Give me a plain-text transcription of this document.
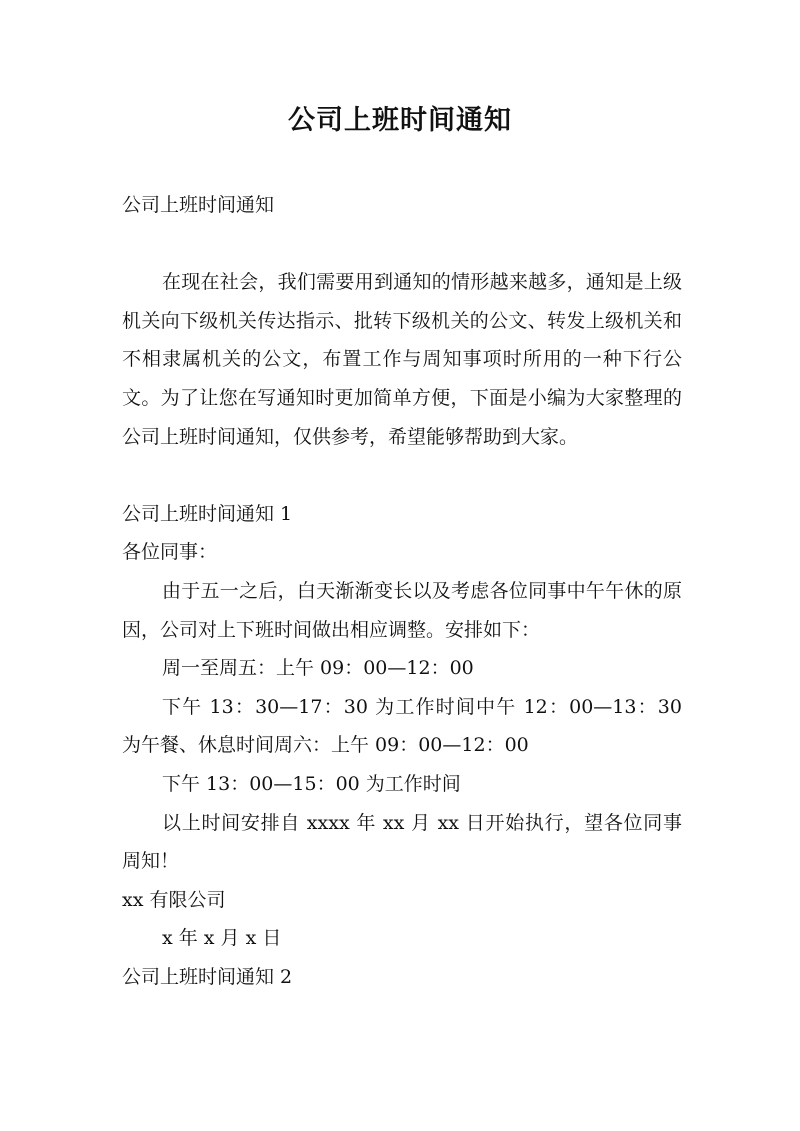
公司上班时间通知

公司上班时间通知

在现在社会，我们需要用到通知的情形越来越多，通知是上级机关向下级机关传达指示、批转下级机关的公文、转发上级机关和不相隶属机关的公文，布置工作与周知事项时所用的一种下行公文。为了让您在写通知时更加简单方便，下面是小编为大家整理的公司上班时间通知，仅供参考，希望能够帮助到大家。

公司上班时间通知 1

各位同事：

由于五一之后，白天渐渐变长以及考虑各位同事中午午休的原因，公司对上下班时间做出相应调整。安排如下：

周一至周五：上午 09：00—12：00

下午 13：30—17：30 为工作时间中午 12：00—13：30 为午餐、休息时间周六：上午 09：00—12：00

下午 13：00—15：00 为工作时间

以上时间安排自 xxxx 年 xx 月 xx 日开始执行，望各位同事周知！

xx 有限公司

x 年 x 月 x 日

公司上班时间通知 2
